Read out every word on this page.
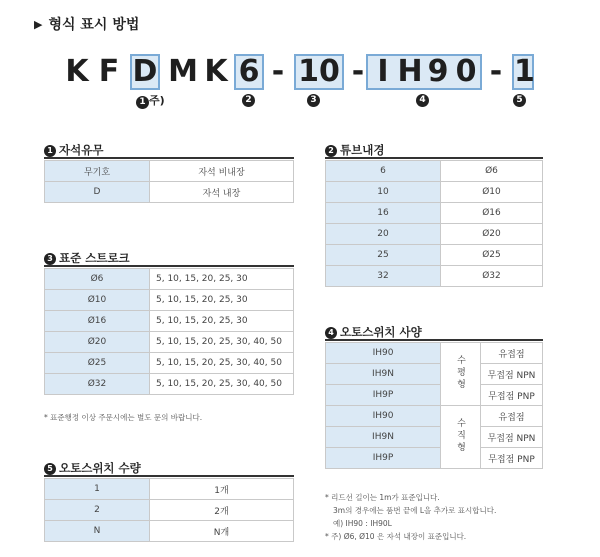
▶ 형식 표시 방법
K F D M K 6 - 10 - I H 9 0 - 1
1 주)	2	3	4	5
1 자석유무
무기호	자석 비내장
D	자석 내장
2 튜브내경
6	Ø6
10	Ø10
16	Ø16
20	Ø20
25	Ø25
32	Ø32
3 표준 스트로크
Ø6	5, 10, 15, 20, 25, 30
Ø10	5, 10, 15, 20, 25, 30
Ø16	5, 10, 15, 20, 25, 30
Ø20	5, 10, 15, 20, 25, 30, 40, 50
Ø25	5, 10, 15, 20, 25, 30, 40, 50
Ø32	5, 10, 15, 20, 25, 30, 40, 50
* 표준행정 이상 주문시에는 별도 문의 바랍니다.
4 오토스위치 사양
IH90	수평형	유접점
IH9N		무접점 NPN
IH9P		무접점 PNP
IH90	수직형	유접점
IH9N		무접점 NPN
IH9P		무접점 PNP
* 리드선 길이는 1m가 표준입니다.
3m의 경우에는 품번 끝에 L을 추가로 표시합니다.
예) IH90 : IH90L
* 주) Ø6, Ø10 은 자석 내장이 표준입니다.
5 오토스위치 수량
1	1개
2	2개
N	N개
